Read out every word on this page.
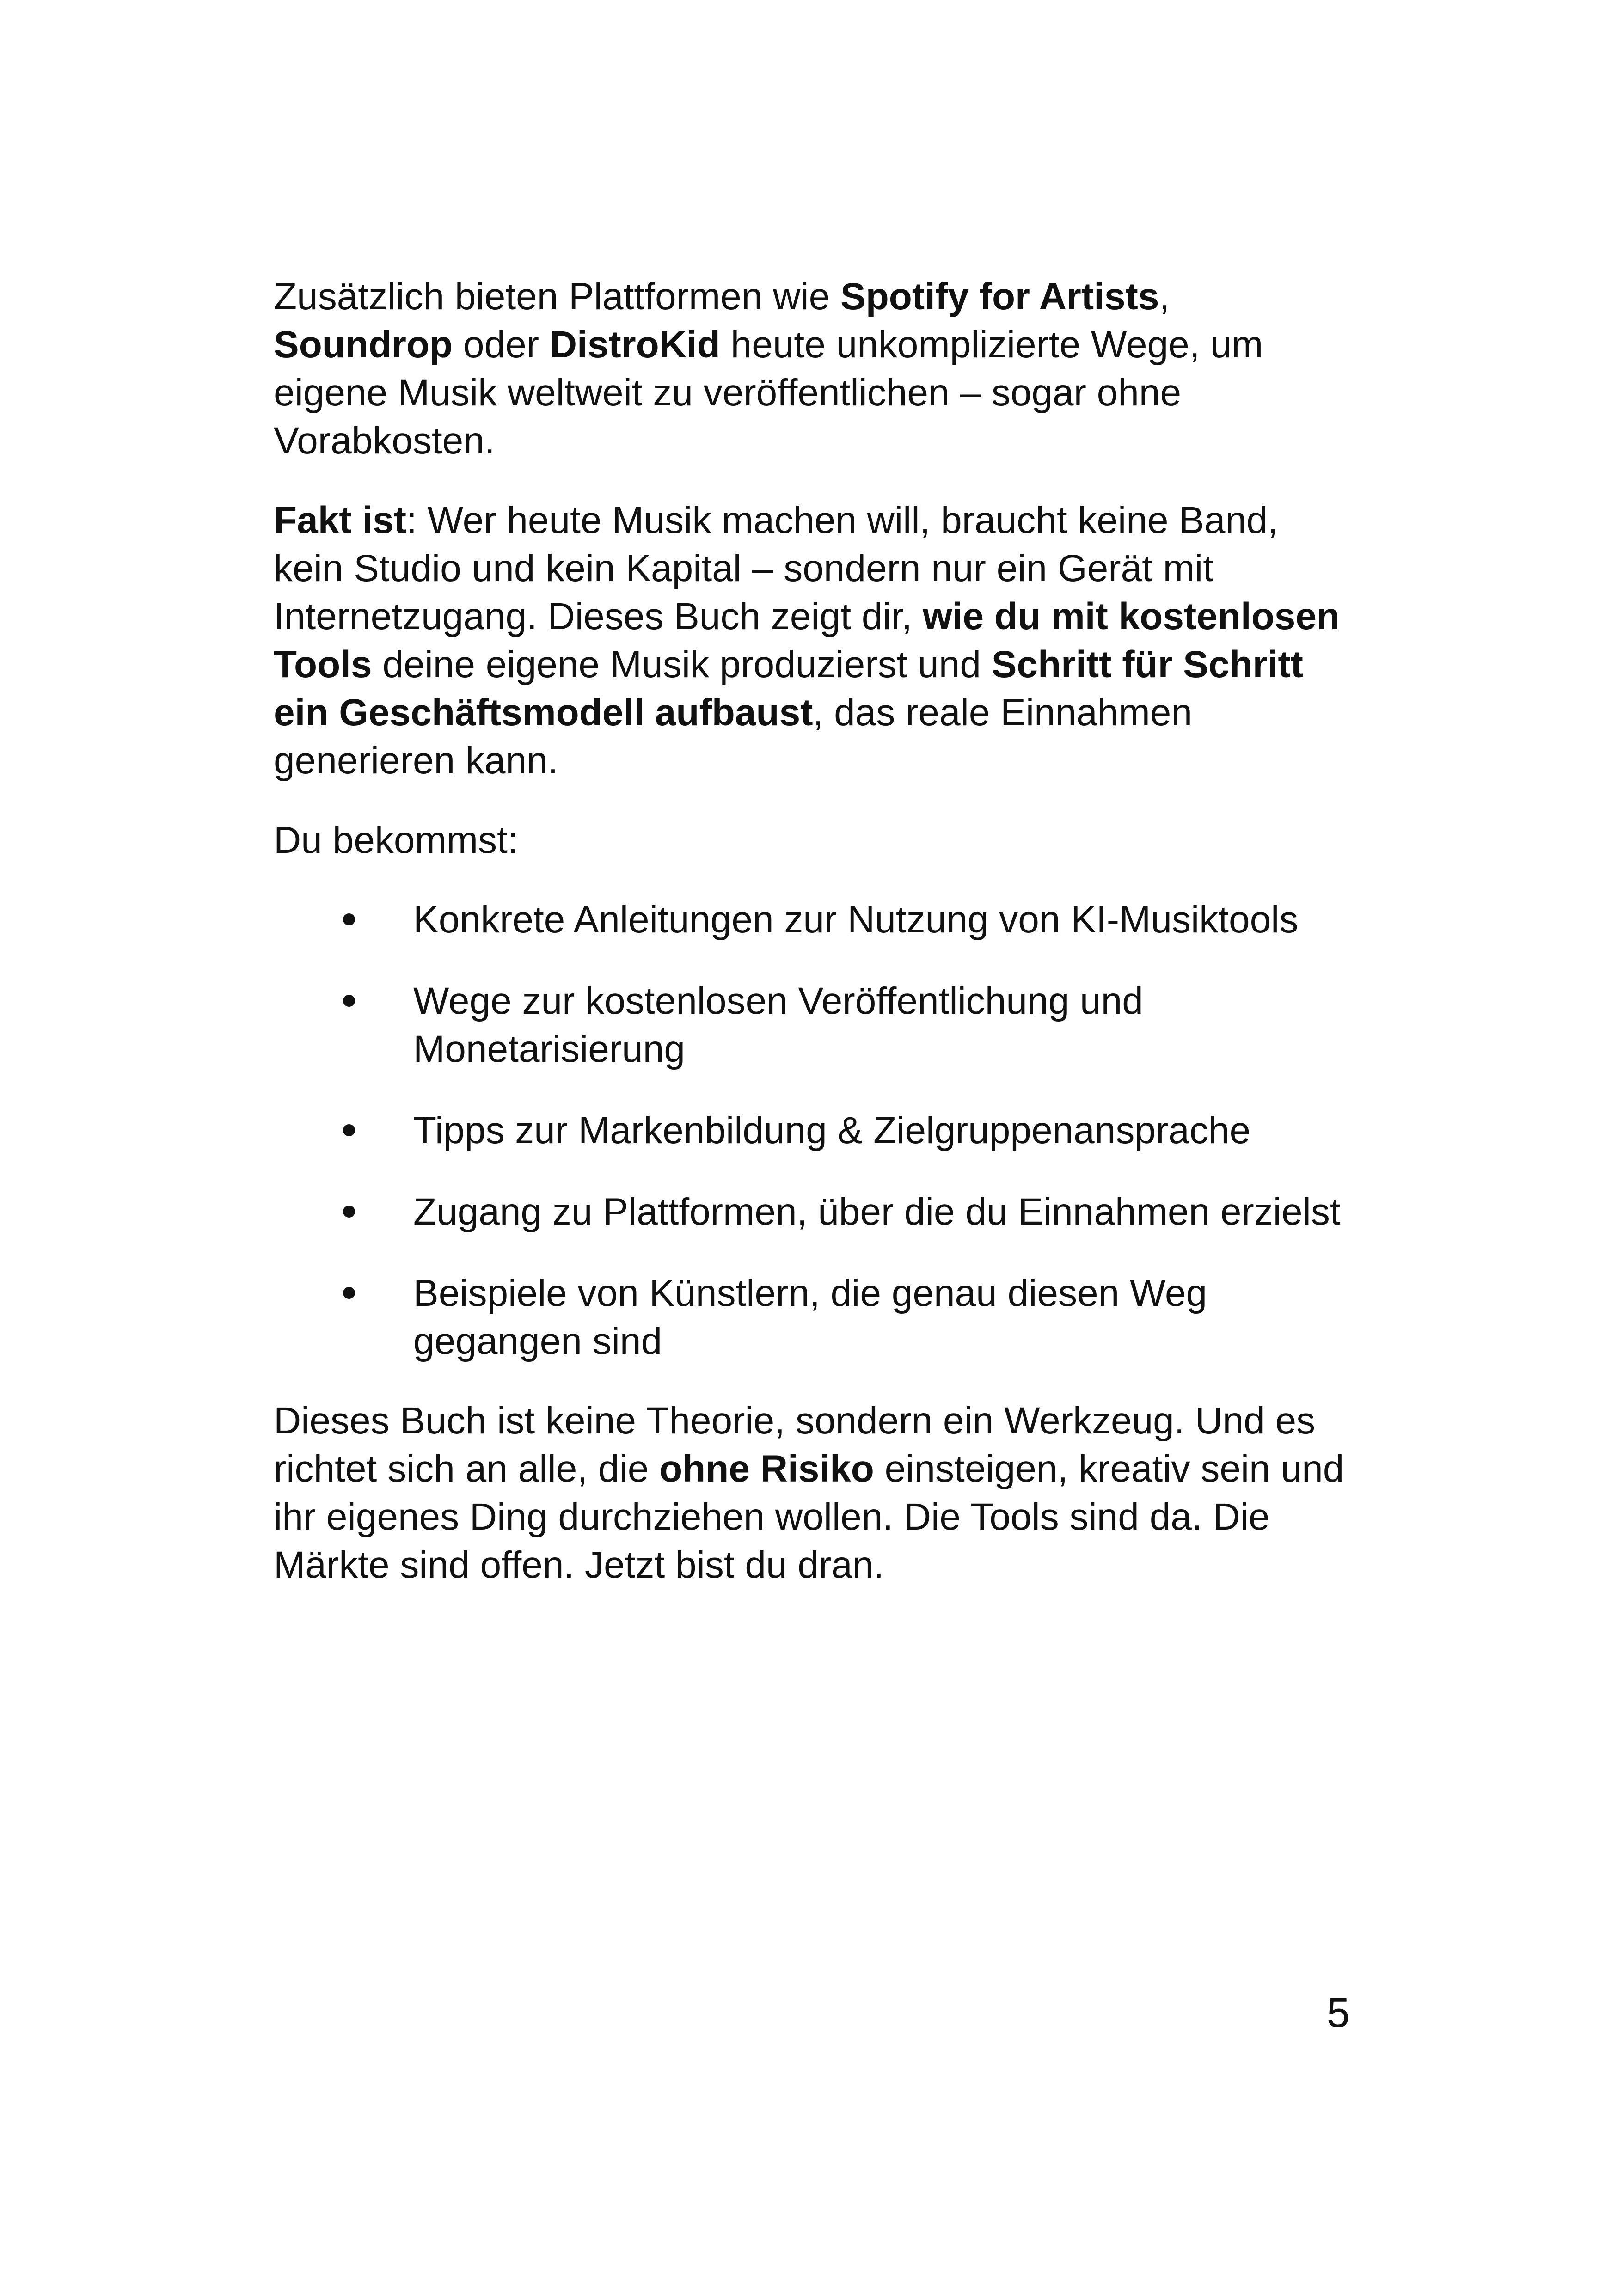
Zusätzlich bieten Plattformen wie Spotify for Artists, Soundrop oder DistroKid heute unkomplizierte Wege, um eigene Musik weltweit zu veröffentlichen – sogar ohne Vorabkosten.

Fakt ist: Wer heute Musik machen will, braucht keine Band, kein Studio und kein Kapital – sondern nur ein Gerät mit Internetzugang. Dieses Buch zeigt dir, wie du mit kostenlosen Tools deine eigene Musik produzierst und Schritt für Schritt ein Geschäftsmodell aufbaust, das reale Einnahmen generieren kann.

Du bekommst:

Konkrete Anleitungen zur Nutzung von KI-Musiktools
Wege zur kostenlosen Veröffentlichung und Monetarisierung
Tipps zur Markenbildung & Zielgruppenansprache
Zugang zu Plattformen, über die du Einnahmen erzielst
Beispiele von Künstlern, die genau diesen Weg gegangen sind

Dieses Buch ist keine Theorie, sondern ein Werkzeug. Und es richtet sich an alle, die ohne Risiko einsteigen, kreativ sein und ihr eigenes Ding durchziehen wollen. Die Tools sind da. Die Märkte sind offen. Jetzt bist du dran.

5
